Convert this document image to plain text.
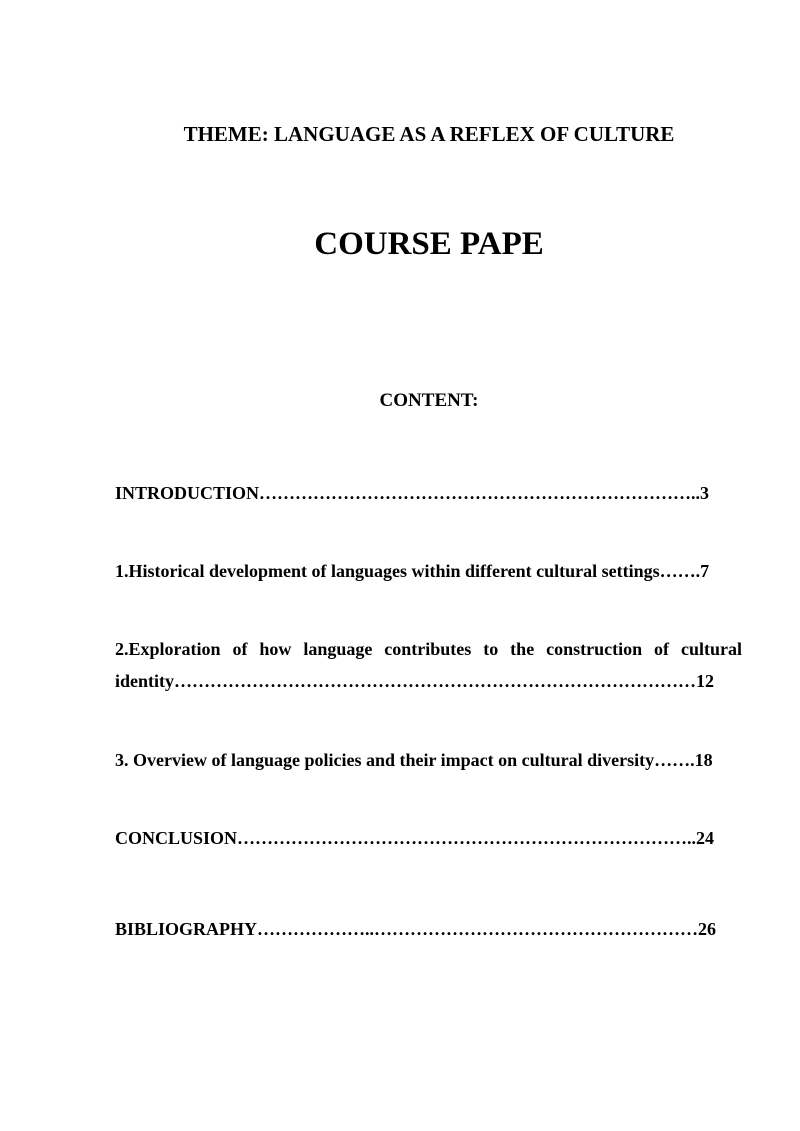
THEME: LANGUAGE AS A REFLEX OF CULTURE
COURSE PAPE
CONTENT:
INTRODUCTION………………………………………………………………..3
1.Historical development of languages within different cultural settings…….7
2.Exploration of how language contributes to the construction of cultural
identity……………………………………………………………………………12
3. Overview of language policies and their impact on cultural diversity…….18
CONCLUSION…………………………………………………………………..24
BIBLIOGRAPHY………………..………………………………………………26
